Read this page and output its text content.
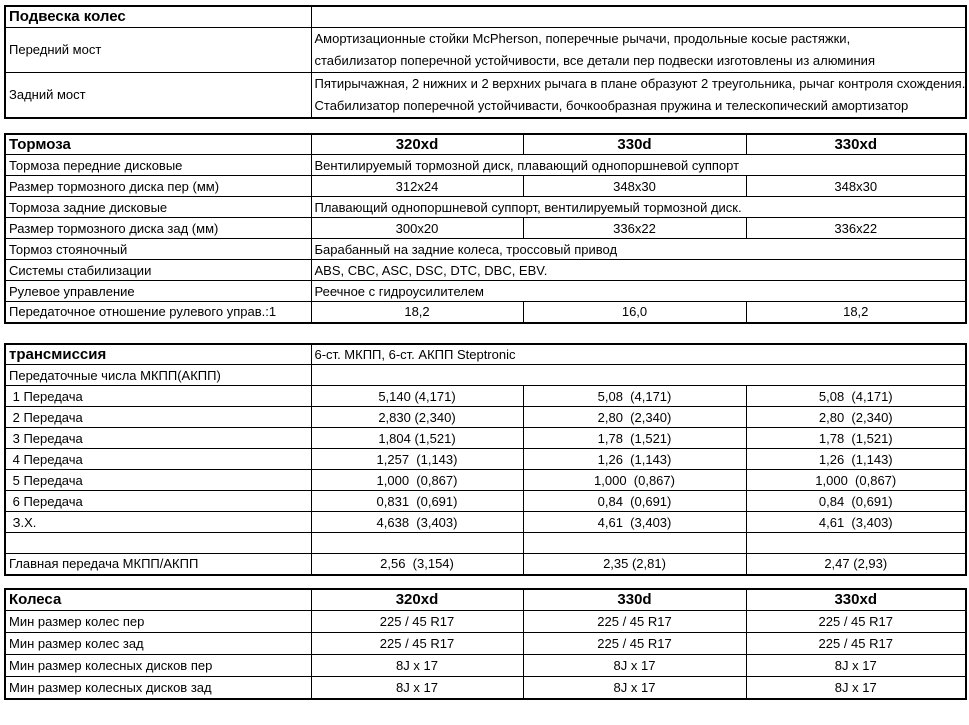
Подвеска колес	

Передний мост	Амортизационные стойки McPherson, поперечные рычачи, продольные косые растяжки,
стабилизатор поперечной устойчивости, все детали пер подвески изготовлены из алюминия

Задний мост	Пятирычажная, 2 нижних и 2 верхних рычага в плане образуют 2 треугольника, рычаг контроля схождения.
Стабилизатор поперечной устойчивасти, бочкообразная пружина и телескопический амортизатор
Тормоза	320xd	330d	330xd
Тормоза передние дисковые	Вентилируемый тормозной диск, плавающий однопоршневой суппорт		
Размер тормозного диска пер (мм)	312x24	348x30	348x30
Тормоза задние дисковые	Плавающий однопоршневой суппорт, вентилируемый тормозной диск.		
Размер тормозного диска зад (мм)	300x20	336x22	336x22
Тормоз стояночный	Барабанный на задние колеса, троссовый привод		
Системы стабилизации	ABS, CBC, ASC, DSC, DTC, DBC, EBV.		
Рулевое управление	Реечное с гидроусилителем		
Передаточное отношение рулевого управ.:1	18,2	16,0	18,2
трансмиссия	6-ст. МКПП, 6-ст. АКПП Steptronic		
Передаточные числа МКПП(АКПП)			
1 Передача	5,140 (4,171)	5,08  (4,171)	5,08  (4,171)
2 Передача	2,830 (2,340)	2,80  (2,340)	2,80  (2,340)
3 Передача	1,804 (1,521)	1,78  (1,521)	1,78  (1,521)
4 Передача	1,257  (1,143)	1,26  (1,143)	1,26  (1,143)
5 Передача	1,000  (0,867)	1,000  (0,867)	1,000  (0,867)
6 Передача	0,831  (0,691)	0,84  (0,691)	0,84  (0,691)
З.Х.	4,638  (3,403)	4,61  (3,403)	4,61  (3,403)

Главная передача МКПП/АКПП	2,56  (3,154)	2,35 (2,81)	2,47 (2,93)
Колеса	320xd	330d	330xd
Мин размер колес пер	225 / 45 R17	225 / 45 R17	225 / 45 R17
Мин размер колес зад	225 / 45 R17	225 / 45 R17	225 / 45 R17
Мин размер колесных дисков пер	8J x 17	8J x 17	8J x 17
Мин размер колесных дисков зад	8J x 17	8J x 17	8J x 17
